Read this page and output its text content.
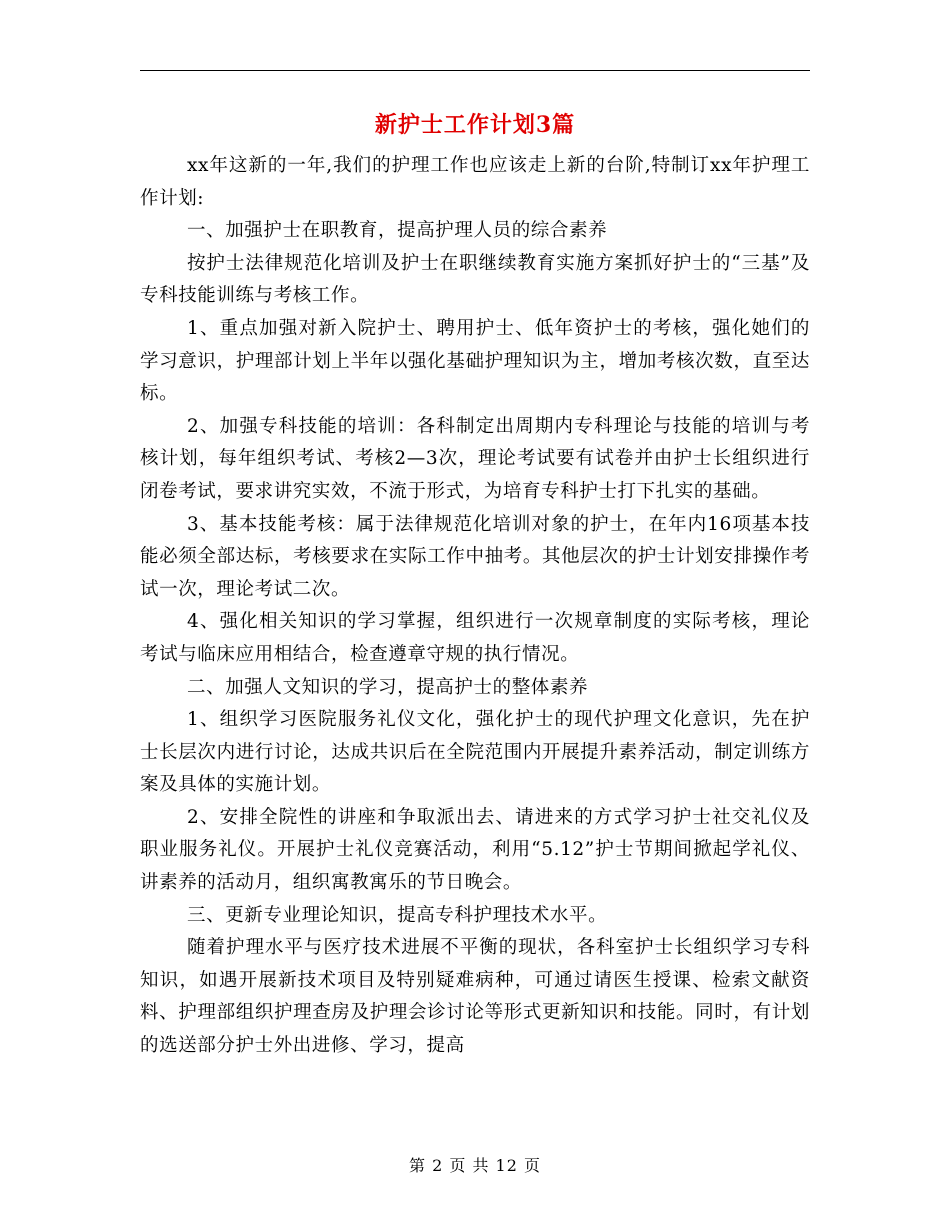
新护士工作计划3篇

xx年这新的一年,我们的护理工作也应该走上新的台阶,特制订xx年护理工作计划:

一、加强护士在职教育，提高护理人员的综合素养

按护士法律规范化培训及护士在职继续教育实施方案抓好护士的“三基”及专科技能训练与考核工作。

1、重点加强对新入院护士、聘用护士、低年资护士的考核，强化她们的学习意识，护理部计划上半年以强化基础护理知识为主，增加考核次数，直至达标。

2、加强专科技能的培训：各科制定出周期内专科理论与技能的培训与考核计划，每年组织考试、考核2—3次，理论考试要有试卷并由护士长组织进行闭卷考试，要求讲究实效，不流于形式，为培育专科护士打下扎实的基础。

3、基本技能考核：属于法律规范化培训对象的护士，在年内16项基本技能必须全部达标，考核要求在实际工作中抽考。其他层次的护士计划安排操作考试一次，理论考试二次。

4、强化相关知识的学习掌握，组织进行一次规章制度的实际考核，理论考试与临床应用相结合，检查遵章守规的执行情况。

二、加强人文知识的学习，提高护士的整体素养

1、组织学习医院服务礼仪文化，强化护士的现代护理文化意识，先在护士长层次内进行讨论，达成共识后在全院范围内开展提升素养活动，制定训练方案及具体的实施计划。

2、安排全院性的讲座和争取派出去、请进来的方式学习护士社交礼仪及职业服务礼仪。开展护士礼仪竞赛活动，利用“5.12”护士节期间掀起学礼仪、讲素养的活动月，组织寓教寓乐的节日晚会。

三、更新专业理论知识，提高专科护理技术水平。

随着护理水平与医疗技术进展不平衡的现状，各科室护士长组织学习专科知识，如遇开展新技术项目及特别疑难病种，可通过请医生授课、检索文献资料、护理部组织护理查房及护理会诊讨论等形式更新知识和技能。同时，有计划的选送部分护士外出进修、学习，提高

第 2 页 共 12 页
